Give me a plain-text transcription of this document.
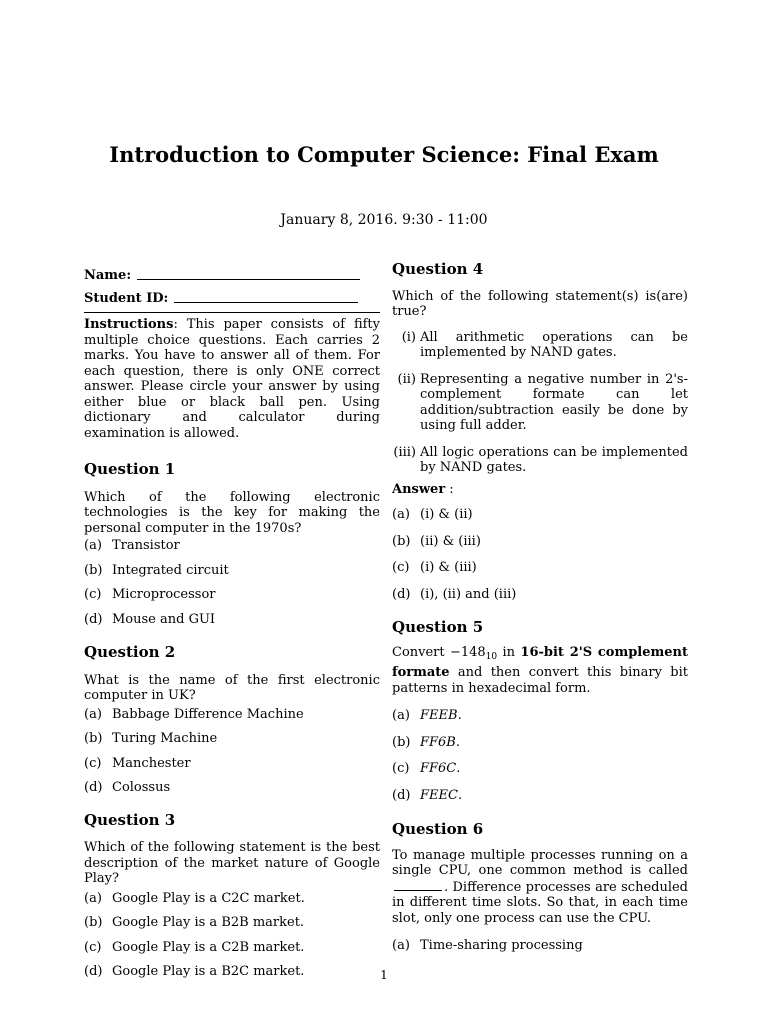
Introduction to Computer Science: Final Exam
January 8, 2016. 9:30 - 11:00
Name:
Student ID:
Instructions: This paper consists of fifty multiple choice questions. Each carries 2 marks. You have to answer all of them. For each question, there is only ONE correct answer. Please circle your answer by using either blue or black ball pen. Using dictionary and calculator during examination is allowed.
Question 1

Which of the following electronic technologies is the key for making the personal computer in the 1970s?

(a) Transistor
(b) Integrated circuit
(c) Microprocessor
(d) Mouse and GUI
Question 2

What is the name of the first electronic computer in UK?

(a) Babbage Difference Machine
(b) Turing Machine
(c) Manchester
(d) Colossus
Question 3

Which of the following statement is the best description of the market nature of Google Play?

(a) Google Play is a C2C market.
(b) Google Play is a B2B market.
(c) Google Play is a C2B market.
(d) Google Play is a B2C market.
Question 4

Which of the following statement(s) is(are) true?

(i) All arithmetic operations can be implemented by NAND gates.
(ii) Representing a negative number in 2's-complement formate can let addition/subtraction easily be done by using full adder.
(iii) All logic operations can be implemented by NAND gates.
Answer :
(a) (i) & (ii)
(b) (ii) & (iii)
(c) (i) & (iii)
(d) (i), (ii) and (iii)
Question 5

Convert $-148_{10}$ in 16-bit 2'S complement formate and then convert this binary bit patterns in hexadecimal form.

(a) FEEB.
(b) FF6B.
(c) FF6C.
(d) FEEC.
Question 6

To manage multiple processes running on a single CPU, one common method is called . Difference processes are scheduled in different time slots. So that, in each time slot, only one process can use the CPU.

(a) Time-sharing processing
1
